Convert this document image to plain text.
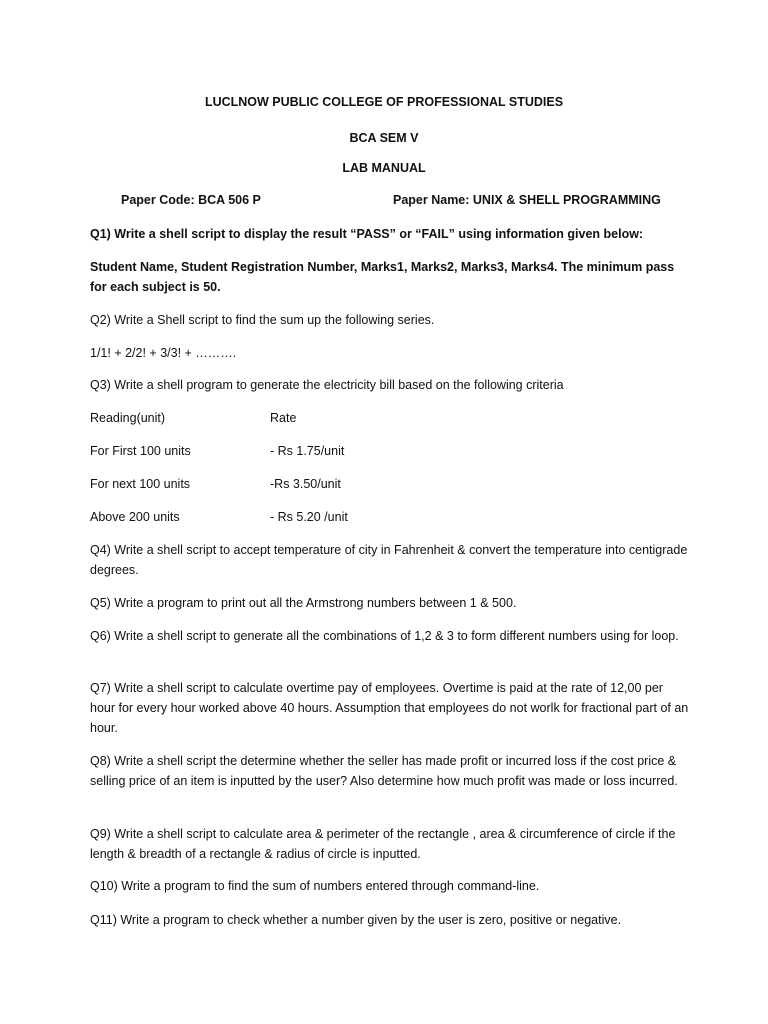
LUCLNOW PUBLIC COLLEGE OF PROFESSIONAL STUDIES
BCA SEM V
LAB MANUAL
Paper Code: BCA 506 P	Paper Name: UNIX & SHELL PROGRAMMING
Q1) Write a shell script to display the result “PASS” or “FAIL” using information given below:
Student Name, Student Registration Number, Marks1, Marks2, Marks3, Marks4. The minimum pass for each subject is 50.
Q2) Write a Shell script to find the sum up the following series.
1/1! + 2/2! + 3/3! + ……….
Q3) Write a shell program to generate the electricity bill based on the following criteria
Reading(unit)	Rate
For First 100 units	- Rs 1.75/unit
For next 100 units	-Rs 3.50/unit
Above 200 units	- Rs 5.20 /unit
Q4) Write a shell script to accept temperature of city in Fahrenheit & convert the temperature into centigrade degrees.
Q5) Write a program to print out all the Armstrong numbers between 1 & 500.
Q6) Write a shell script to generate all the combinations of 1,2 & 3 to form different numbers using for loop.
Q7) Write a shell script to calculate overtime pay of employees. Overtime is paid at the rate of 12,00 per hour for every hour worked above 40 hours. Assumption that employees do not worlk for fractional part of an hour.
Q8) Write a shell script the determine whether the seller has made profit or incurred loss if the cost price & selling price of an item is inputted by the user? Also determine how much profit was made or loss incurred.
Q9) Write a shell script to calculate area & perimeter of the rectangle , area & circumference of circle if the length & breadth of a rectangle & radius of circle is inputted.
Q10) Write a program to find the sum of numbers entered through command-line.
Q11) Write a program to check whether a number given by the user is zero, positive or negative.
